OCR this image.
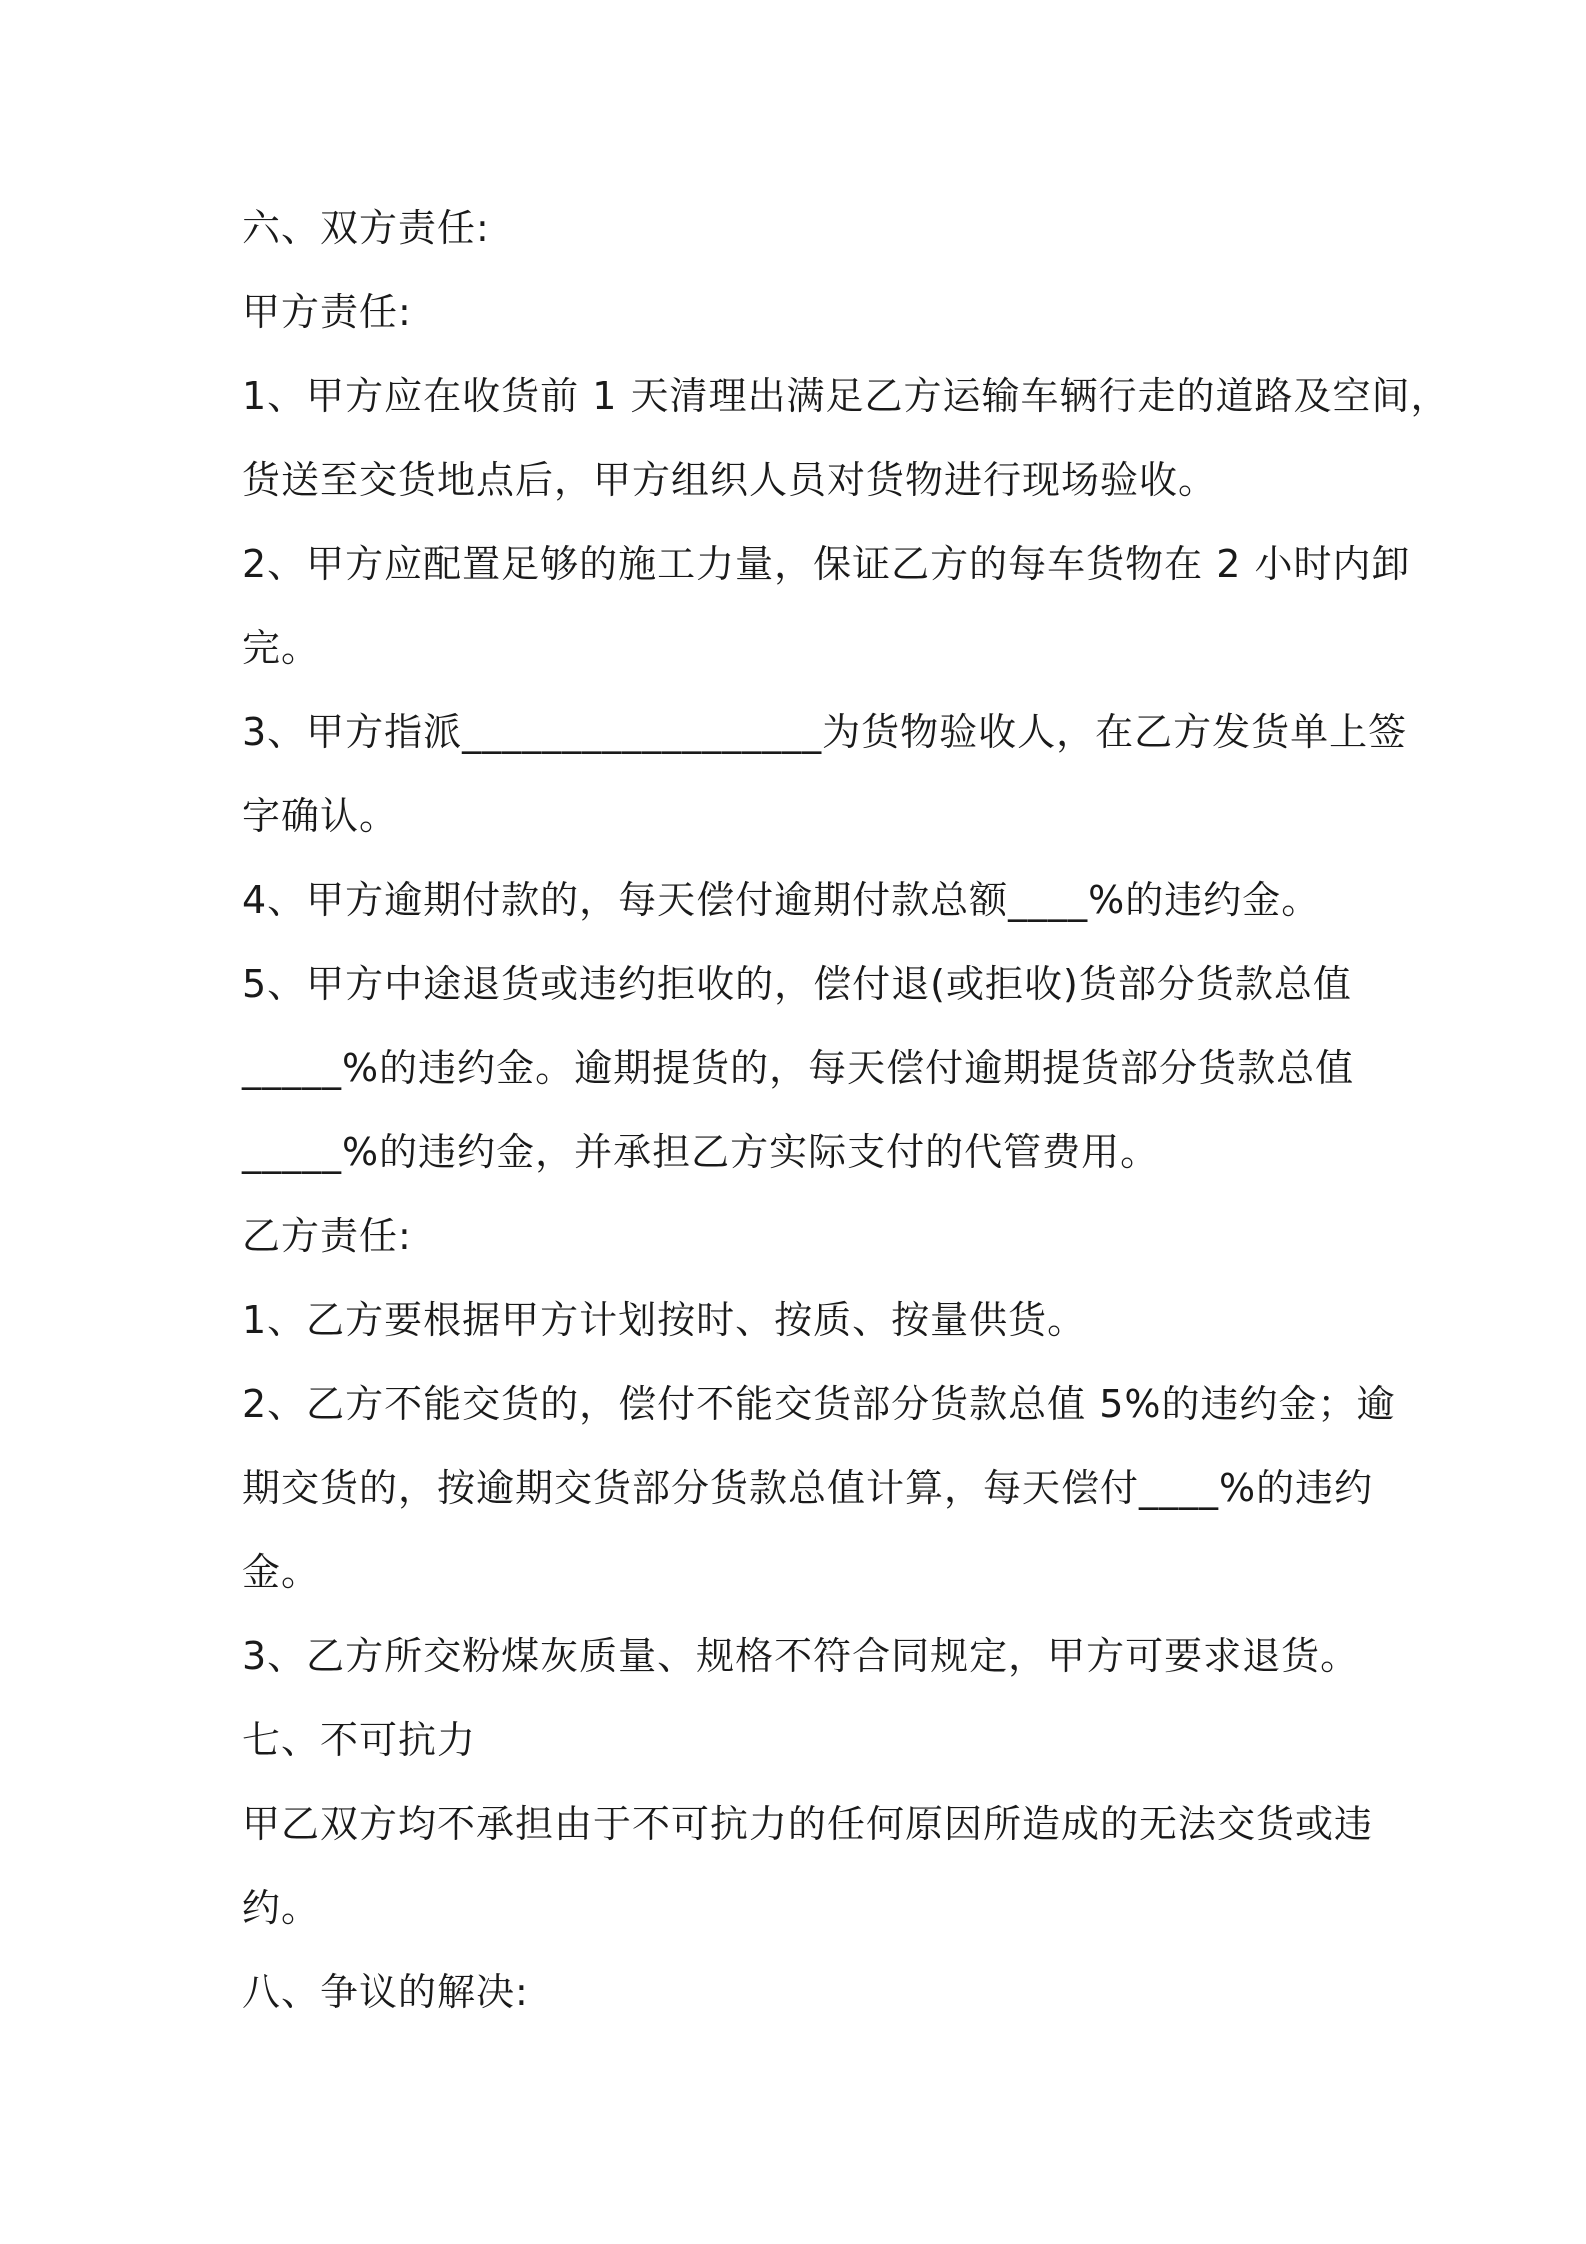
六、双方责任:

甲方责任:

1、甲方应在收货前 1 天清理出满足乙方运输车辆行走的道路及空间，

货送至交货地点后，甲方组织人员对货物进行现场验收。

2、甲方应配置足够的施工力量，保证乙方的每车货物在 2 小时内卸

完。

3、甲方指派__________________为货物验收人，在乙方发货单上签

字确认。

4、甲方逾期付款的，每天偿付逾期付款总额____%的违约金。

5、甲方中途退货或违约拒收的，偿付退(或拒收)货部分货款总值

_____%的违约金。逾期提货的，每天偿付逾期提货部分货款总值

_____%的违约金，并承担乙方实际支付的代管费用。

乙方责任:

1、乙方要根据甲方计划按时、按质、按量供货。

2、乙方不能交货的，偿付不能交货部分货款总值 5%的违约金；逾

期交货的，按逾期交货部分货款总值计算，每天偿付____%的违约

金。

3、乙方所交粉煤灰质量、规格不符合同规定，甲方可要求退货。

七、不可抗力

甲乙双方均不承担由于不可抗力的任何原因所造成的无法交货或违

约。

八、争议的解决:
